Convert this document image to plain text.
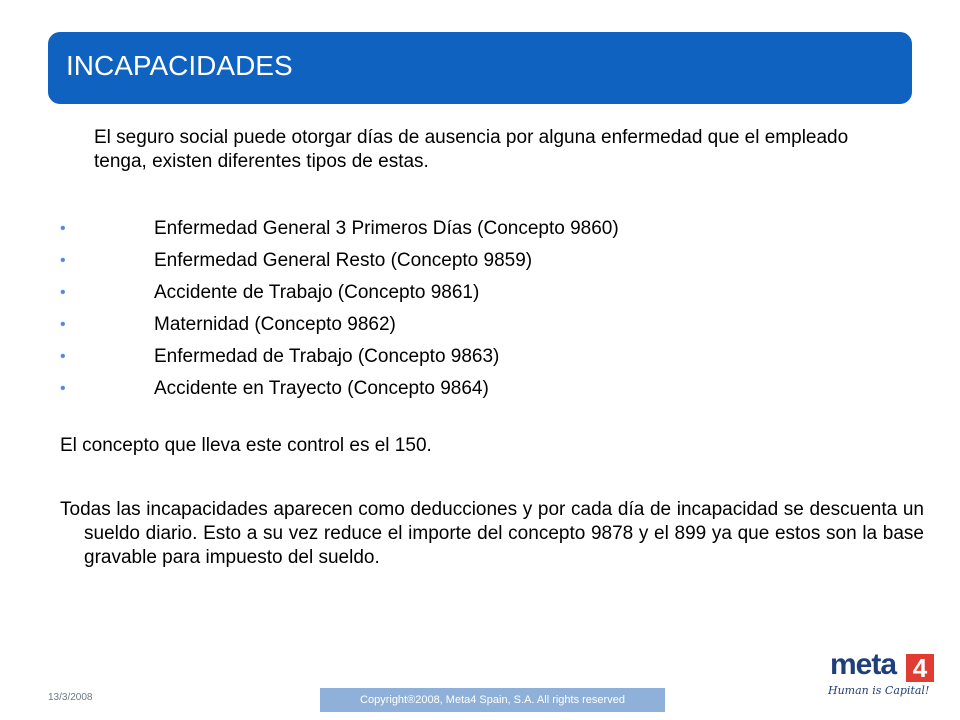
INCAPACIDADES
El seguro social puede otorgar días de ausencia por alguna enfermedad que el empleado tenga, existen diferentes tipos de estas.
•	Enfermedad General 3 Primeros Días (Concepto 9860)
•	Enfermedad General Resto (Concepto 9859)
•	Accidente de Trabajo (Concepto 9861)
•	Maternidad (Concepto 9862)
•	Enfermedad de Trabajo (Concepto 9863)
•	Accidente en Trayecto (Concepto 9864)
El concepto que lleva este control es el 150.
Todas las incapacidades aparecen como deducciones y por cada día de incapacidad se descuenta un sueldo diario. Esto a su vez reduce el importe del concepto 9878 y el 899 ya que estos son la base gravable para impuesto del sueldo.
13/3/2008	Copyright®2008, Meta4 Spain, S.A. All rights reserved
meta 4
Human is Capital!
